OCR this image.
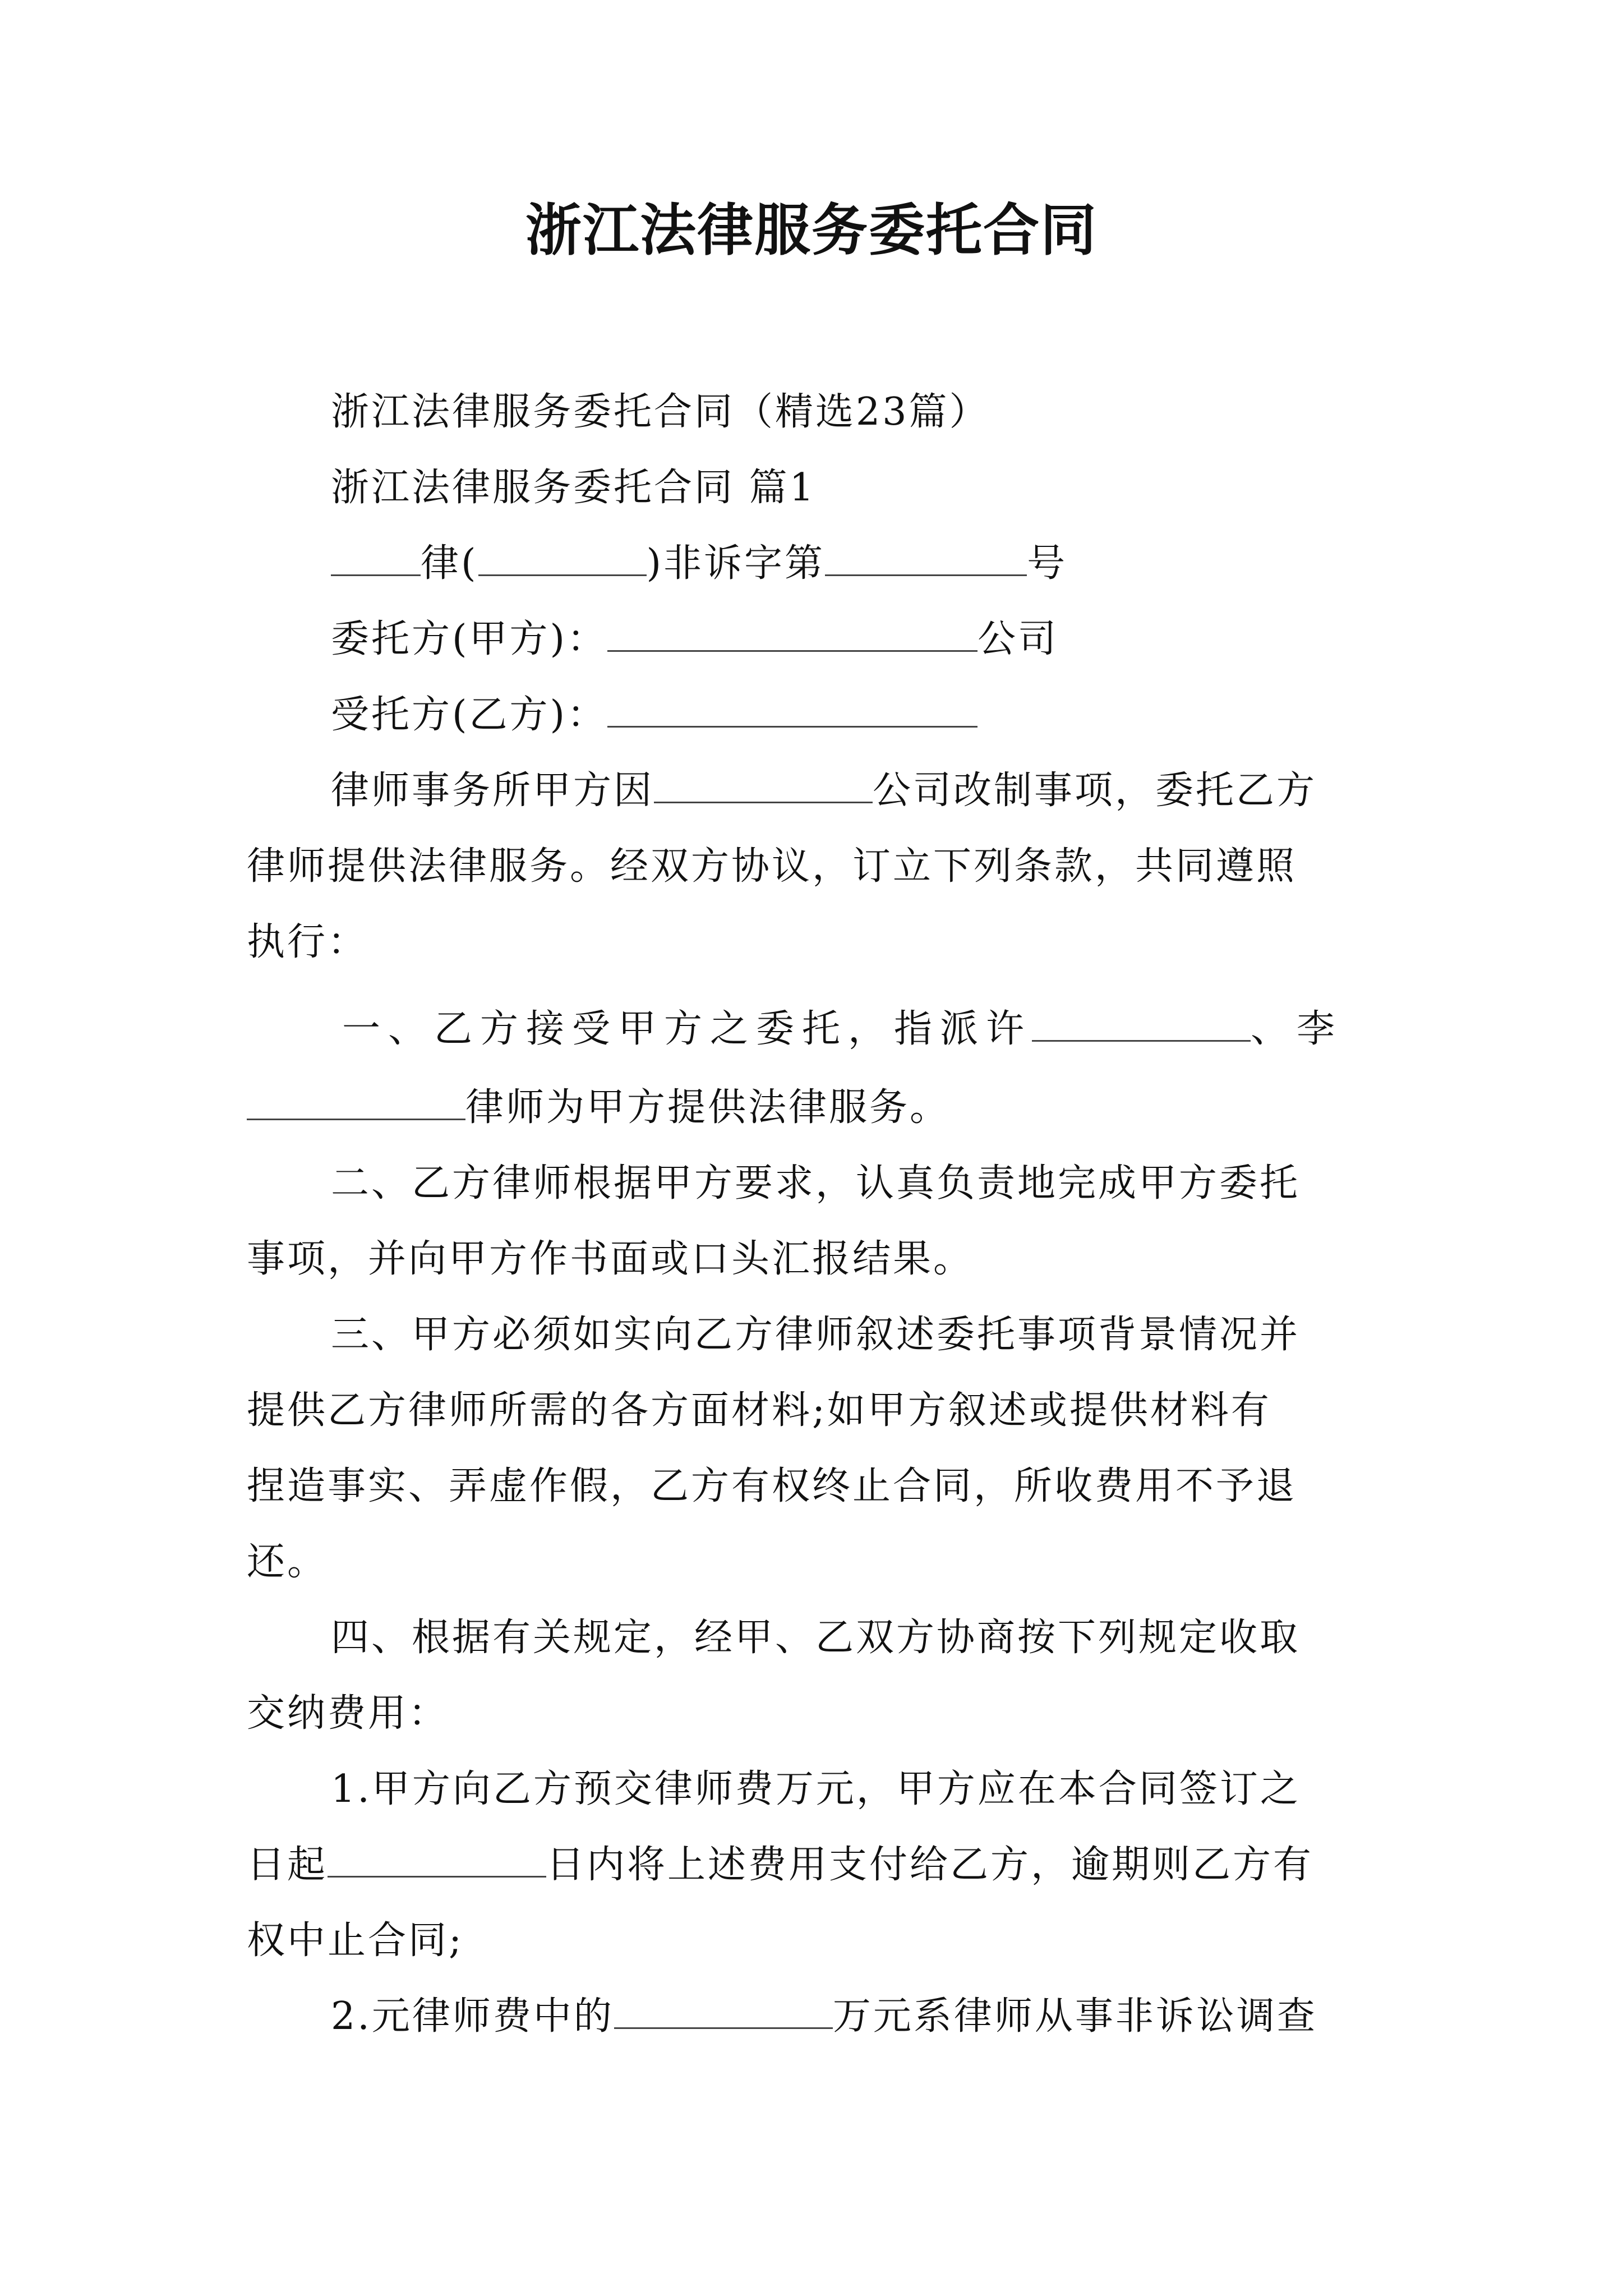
浙江法律服务委托合同
浙江法律服务委托合同（精选23篇）
浙江法律服务委托合同 篇1
律(	)非诉字第	号
委托方(甲方)：	公司
受托方(乙方)：
律师事务所甲方因	公司改制事项，委托乙方
律师提供法律服务。经双方协议，订立下列条款，共同遵照
执行：
一、乙方接受甲方之委托，指派许	、李
律师为甲方提供法律服务。
二、乙方律师根据甲方要求，认真负责地完成甲方委托
事项，并向甲方作书面或口头汇报结果。
三、甲方必须如实向乙方律师叙述委托事项背景情况并
提供乙方律师所需的各方面材料;如甲方叙述或提供材料有
捏造事实、弄虚作假，乙方有权终止合同，所收费用不予退
还。
四、根据有关规定，经甲、乙双方协商按下列规定收取
交纳费用：
1.甲方向乙方预交律师费万元，甲方应在本合同签订之
日起	日内将上述费用支付给乙方，逾期则乙方有
权中止合同;
2.元律师费中的	万元系律师从事非诉讼调查
